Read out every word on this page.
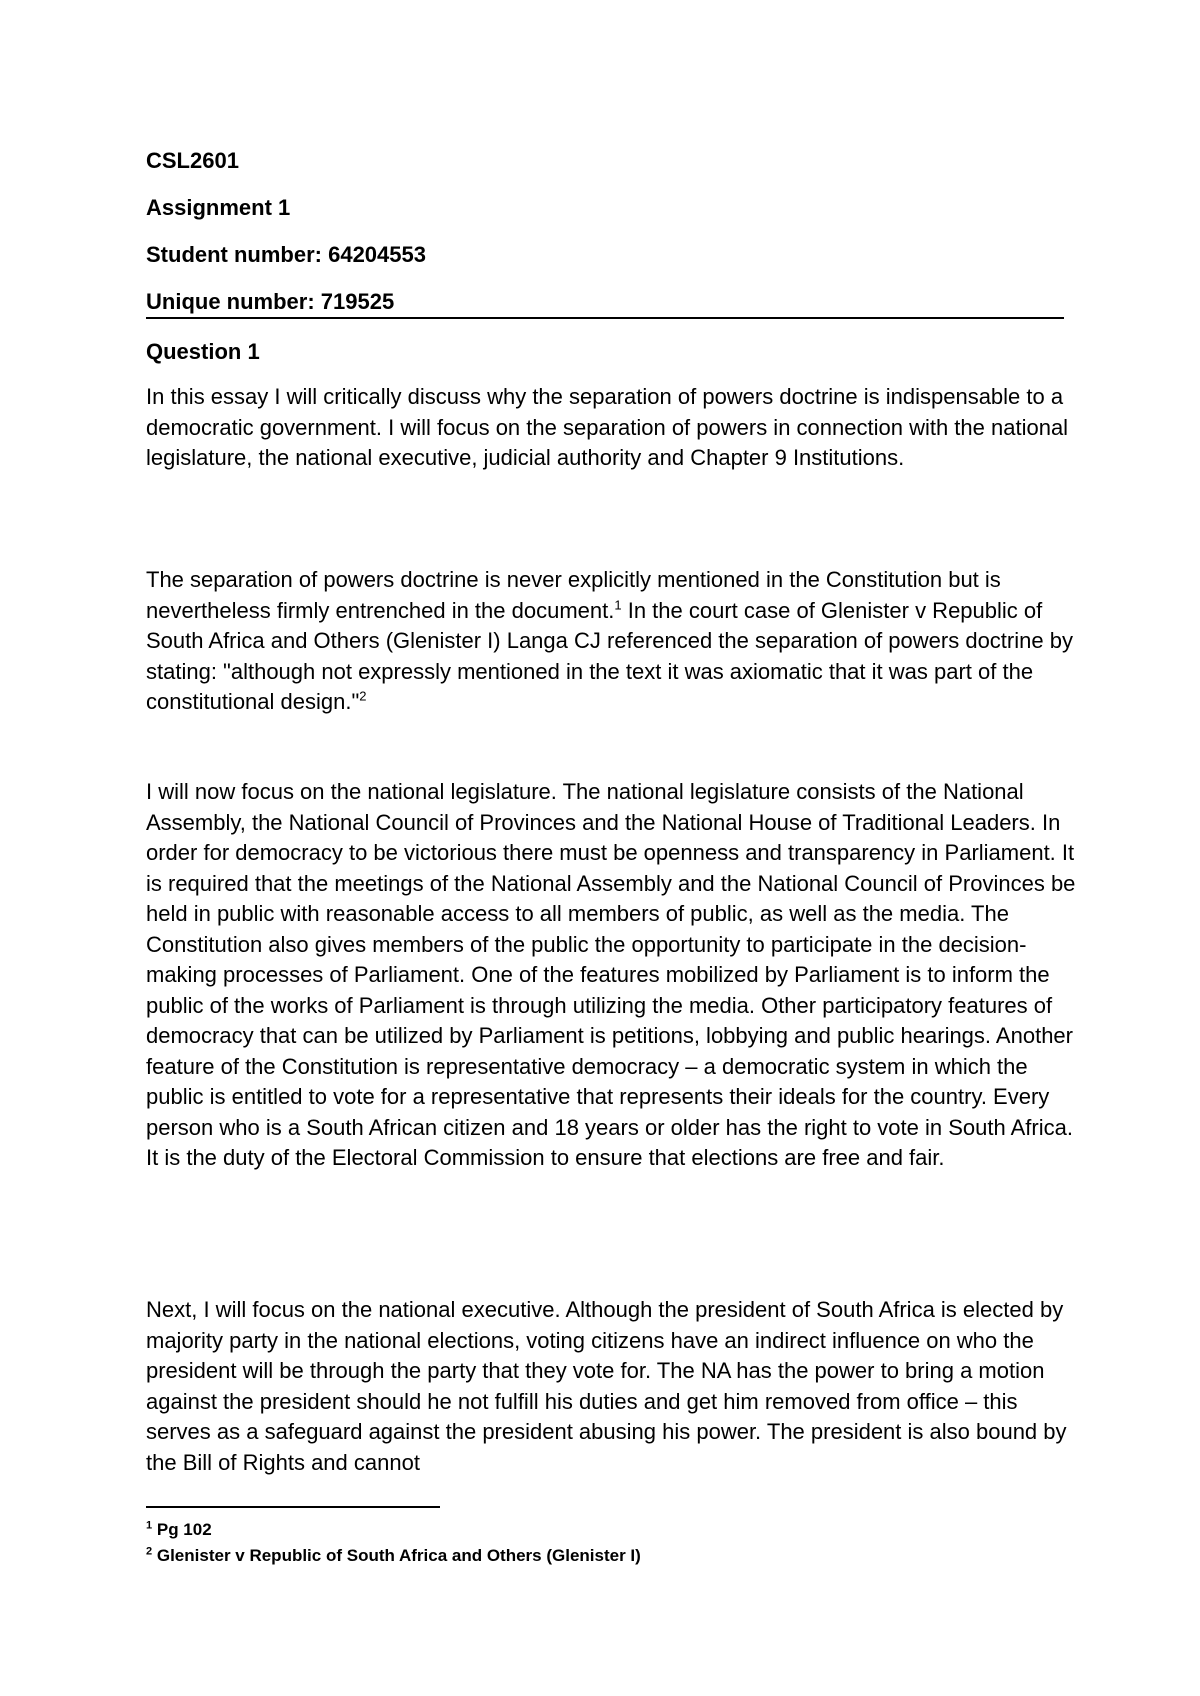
CSL2601
Assignment 1
Student number: 64204553
Unique number: 719525
Question 1

In this essay I will critically discuss why the separation of powers doctrine is indispensable to a democratic government. I will focus on the separation of powers in connection with the national legislature, the national executive, judicial authority and Chapter 9 Institutions.

The separation of powers doctrine is never explicitly mentioned in the Constitution but is nevertheless firmly entrenched in the document.$^1$ In the court case of Glenister v Republic of South Africa and Others (Glenister I) Langa CJ referenced the separation of powers doctrine by stating: "although not expressly mentioned in the text it was axiomatic that it was part of the constitutional design."$^2$

I will now focus on the national legislature. The national legislature consists of the National Assembly, the National Council of Provinces and the National House of Traditional Leaders. In order for democracy to be victorious there must be openness and transparency in Parliament. It is required that the meetings of the National Assembly and the National Council of Provinces be held in public with reasonable access to all members of public, as well as the media. The Constitution also gives members of the public the opportunity to participate in the decision-making processes of Parliament. One of the features mobilized by Parliament is to inform the public of the works of Parliament is through utilizing the media. Other participatory features of democracy that can be utilized by Parliament is petitions, lobbying and public hearings. Another feature of the Constitution is representative democracy – a democratic system in which the public is entitled to vote for a representative that represents their ideals for the country. Every person who is a South African citizen and 18 years or older has the right to vote in South Africa. It is the duty of the Electoral Commission to ensure that elections are free and fair.

Next, I will focus on the national executive. Although the president of South Africa is elected by majority party in the national elections, voting citizens have an indirect influence on who the president will be through the party that they vote for. The NA has the power to bring a motion against the president should he not fulfill his duties and get him removed from office – this serves as a safeguard against the president abusing his power. The president is also bound by the Bill of Rights and cannot

$^1$ Pg 102
$^2$ Glenister v Republic of South Africa and Others (Glenister I)
